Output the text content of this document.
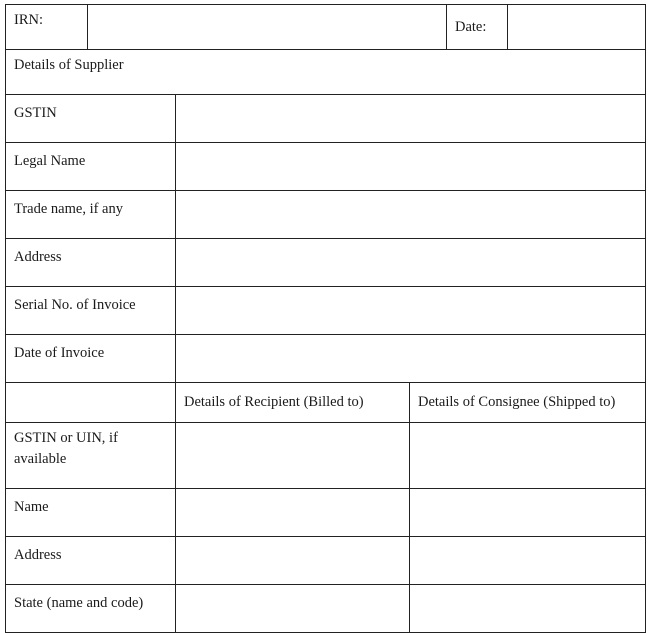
IRN:		Date:	
Details of Supplier
GSTIN	
Legal Name	
Trade name, if any	
Address	
Serial No. of Invoice	
Date of Invoice	
	Details of Recipient (Billed to)	Details of Consignee (Shipped to)
GSTIN or UIN, if available		
Name		
Address		
State (name and code)		
